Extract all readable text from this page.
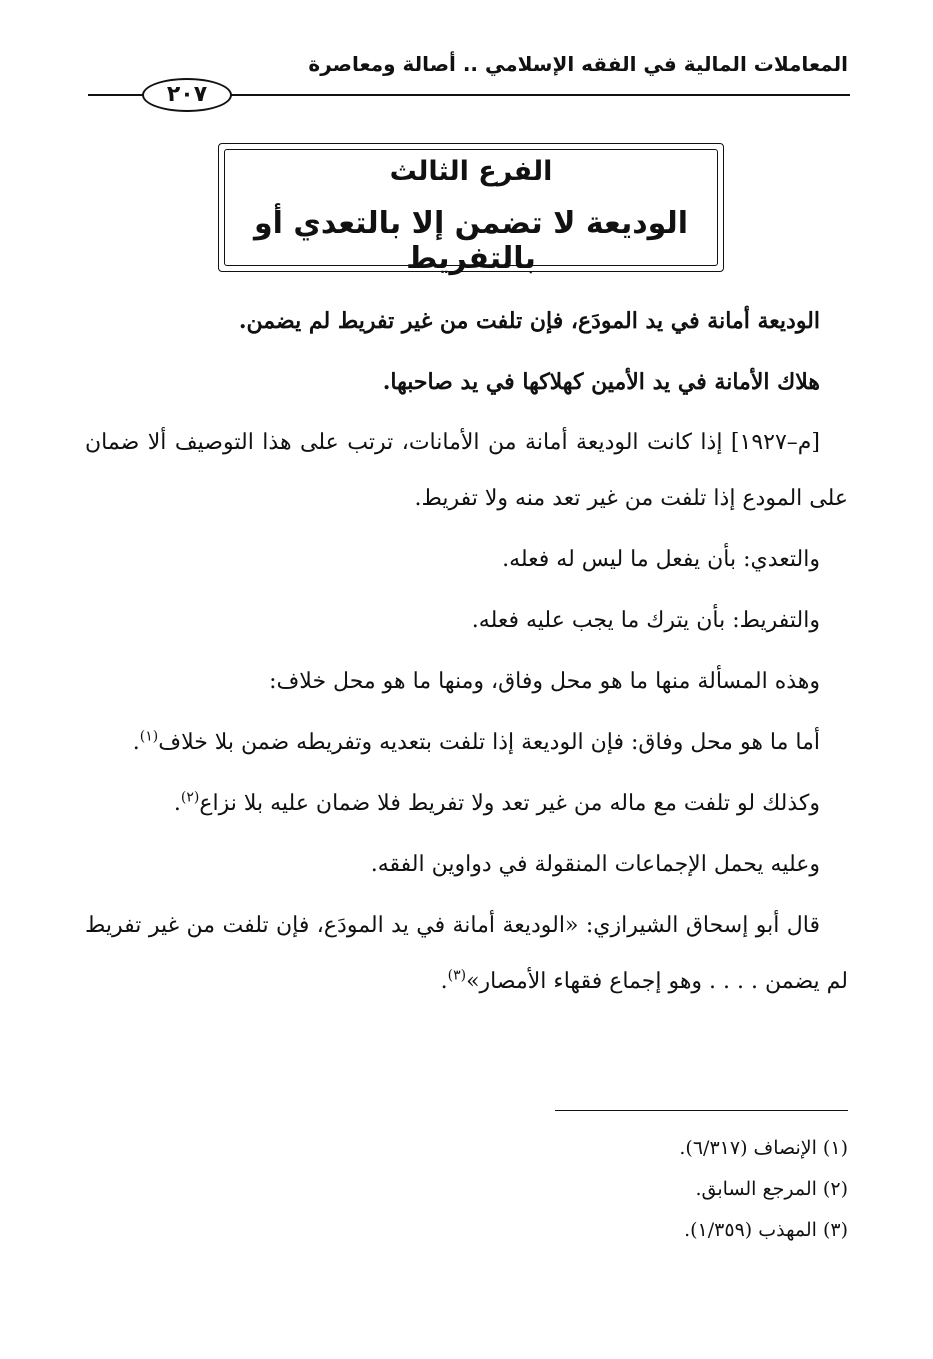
المعاملات المالية في الفقه الإسلامي .. أصالة ومعاصرة
٢٠٧
الفرع الثالث
الوديعة لا تضمن إلا بالتعدي أو بالتفريط

الوديعة أمانة في يد المودَع، فإن تلفت من غير تفريط لم يضمن.

هلاك الأمانة في يد الأمين كهلاكها في يد صاحبها.

[م–١٩٢٧] إذا كانت الوديعة أمانة من الأمانات، ترتب على هذا التوصيف ألا ضمان على المودع إذا تلفت من غير تعد منه ولا تفريط.

والتعدي: بأن يفعل ما ليس له فعله.

والتفريط: بأن يترك ما يجب عليه فعله.

وهذه المسألة منها ما هو محل وفاق، ومنها ما هو محل خلاف:

أما ما هو محل وفاق: فإن الوديعة إذا تلفت بتعديه وتفريطه ضمن بلا خلاف$^{(١)}$.

وكذلك لو تلفت مع ماله من غير تعد ولا تفريط فلا ضمان عليه بلا نزاع$^{(٢)}$.

وعليه يحمل الإجماعات المنقولة في دواوين الفقه.

قال أبو إسحاق الشيرازي: «الوديعة أمانة في يد المودَع، فإن تلفت من غير تفريط لم يضمن . . . . وهو إجماع فقهاء الأمصار»$^{(٣)}$.

(١) الإنصاف (٦/٣١٧).
(٢) المرجع السابق.
(٣) المهذب (١/٣٥٩).
